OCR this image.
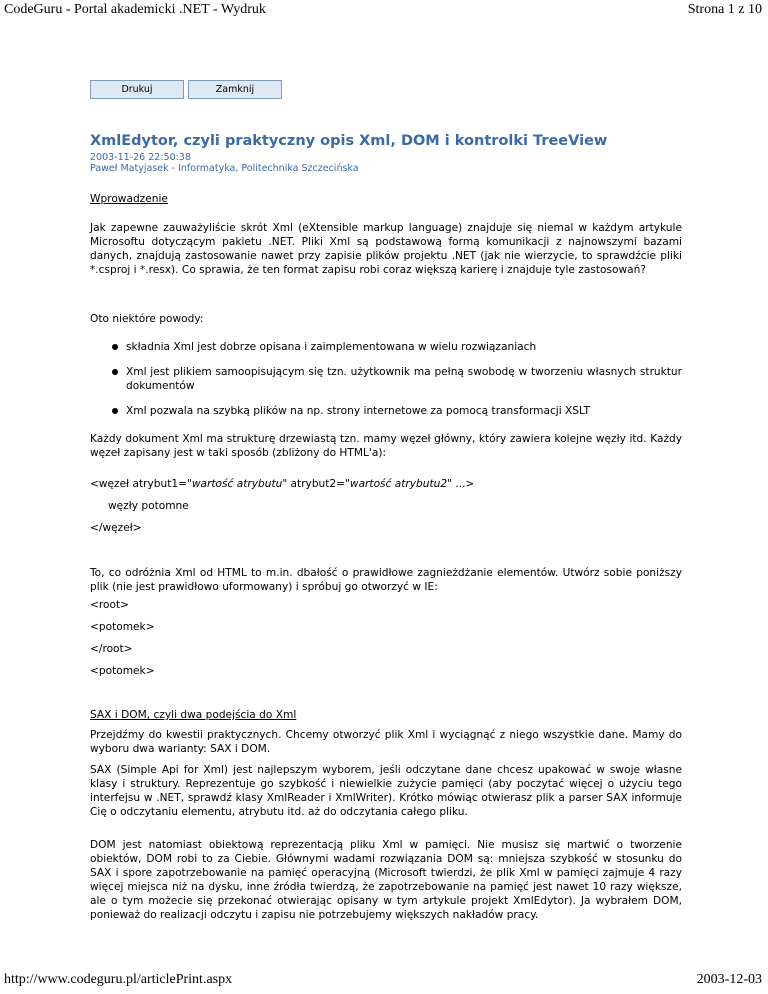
CodeGuru - Portal akademicki .NET - Wydruk	Strona 1 z 10
Drukuj	Zamknij
XmlEdytor, czyli praktyczny opis Xml, DOM i kontrolki TreeView
2003-11-26 22:50:38
Paweł Matyjasek - Informatyka, Politechnika Szczecińska
Wprowadzenie
Jak zapewne zauważyliście skrót Xml (eXtensible markup language) znajduje się niemal w każdym artykule Microsoftu dotyczącym pakietu .NET. Pliki Xml są podstawową formą komunikacji z najnowszymi bazami danych, znajdują zastosowanie nawet przy zapisie plików projektu .NET (jak nie wierzycie, to sprawdźcie pliki *.csproj i *.resx). Co sprawia, że ten format zapisu robi coraz większą karierę i znajduje tyle zastosowań?
Oto niektóre powody:
składnia Xml jest dobrze opisana i zaimplementowana w wielu rozwiązaniach
Xml jest plikiem samoopisującym się tzn. użytkownik ma pełną swobodę w tworzeniu własnych struktur dokumentów
Xml pozwala na szybką plików na np. strony internetowe za pomocą transformacji XSLT
Każdy dokument Xml ma strukturę drzewiastą tzn. mamy węzeł główny, który zawiera kolejne węzły itd. Każdy węzeł zapisany jest w taki sposób (zbliżony do HTML'a):
<węzeł atrybut1="wartość atrybutu" atrybut2="wartość atrybutu2" ...>
węzły potomne
</węzeł>
To, co odróżnia Xml od HTML to m.in. dbałość o prawidłowe zagnieżdżanie elementów. Utwórz sobie poniższy plik (nie jest prawidłowo uformowany) i spróbuj go otworzyć w IE:
<root>
<potomek>
</root>
<potomek>
SAX i DOM, czyli dwa podejścia do Xml
Przejdźmy do kwestii praktycznych. Chcemy otworzyć plik Xml i wyciągnąć z niego wszystkie dane. Mamy do wyboru dwa warianty: SAX i DOM.
SAX (Simple Api for Xml) jest najlepszym wyborem, jeśli odczytane dane chcesz upakować w swoje własne klasy i struktury. Reprezentuje go szybkość i niewielkie zużycie pamięci (aby poczytać więcej o użyciu tego interfejsu w .NET, sprawdź klasy XmlReader i XmlWriter). Krótko mówiąc otwierasz plik a parser SAX informuje Cię o odczytaniu elementu, atrybutu itd. aż do odczytania całego pliku.
DOM jest natomiast obiektową reprezentacją pliku Xml w pamięci. Nie musisz się martwić o tworzenie obiektów, DOM robi to za Ciebie. Głównymi wadami rozwiązania DOM są: mniejsza szybkość w stosunku do SAX i spore zapotrzebowanie na pamięć operacyjną (Microsoft twierdzi, że plik Xml w pamięci zajmuje 4 razy więcej miejsca niż na dysku, inne źródła twierdzą, że zapotrzebowanie na pamięć jest nawet 10 razy większe, ale o tym możecie się przekonać otwierając opisany w tym artykule projekt XmlEdytor). Ja wybrałem DOM, ponieważ do realizacji odczytu i zapisu nie potrzebujemy większych nakładów pracy.
http://www.codeguru.pl/articlePrint.aspx	2003-12-03
